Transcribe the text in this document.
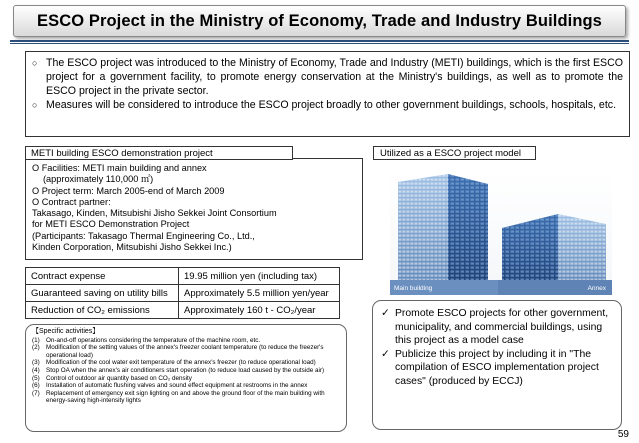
ESCO Project in the Ministry of Economy, Trade and Industry Buildings
○ The ESCO project was introduced to the Ministry of Economy, Trade and Industry (METI) buildings, which is the first ESCO project for a government facility, to promote energy conservation at the Ministry's buildings, as well as to promote the ESCO project in the private sector.
○ Measures will be considered to introduce the ESCO project broadly to other government buildings, schools, hospitals, etc.
METI building ESCO demonstration project
O Facilities: METI main building and annex
(approximately 110,000 ㎡)
O Project term: March 2005-end of March 2009
O Contract partner:
Takasago, Kinden, Mitsubishi Jisho Sekkei Joint Consortium
for METI ESCO Demonstration Project
(Participants: Takasago Thermal Engineering Co., Ltd.,
Kinden Corporation, Mitsubishi Jisho Sekkei Inc.)
Contract expense	19.95 million yen (including tax)
Guaranteed saving on utility bills	Approximately 5.5 million yen/year
Reduction of CO₂ emissions	Approximately 160 t - CO₂/year
【Specific activities】
(1) On-and-off operations considering the temperature of the machine room, etc.
(2) Modification of the setting values of the annex's freezer coolant temperature (to reduce the freezer's operational load)
(3) Modification of the cool water exit temperature of the annex's freezer (to reduce operational load)
(4) Stop OA when the annex's air conditioners start operation (to reduce load caused by the outside air)
(5) Control of outdoor air quantity based on CO₂ density
(6) Installation of automatic flushing valves and sound effect equipment at restrooms in the annex
(7) Replacement of emergency exit sign lighting on and above the ground floor of the main building with energy-saving high-intensity lights
Utilized as a ESCO project model
Main building	Annex
✓ Promote ESCO projects for other government, municipality, and commercial buildings, using this project as a model case
✓ Publicize this project by including it in "The compilation of ESCO implementation project cases" (produced by ECCJ)
59
